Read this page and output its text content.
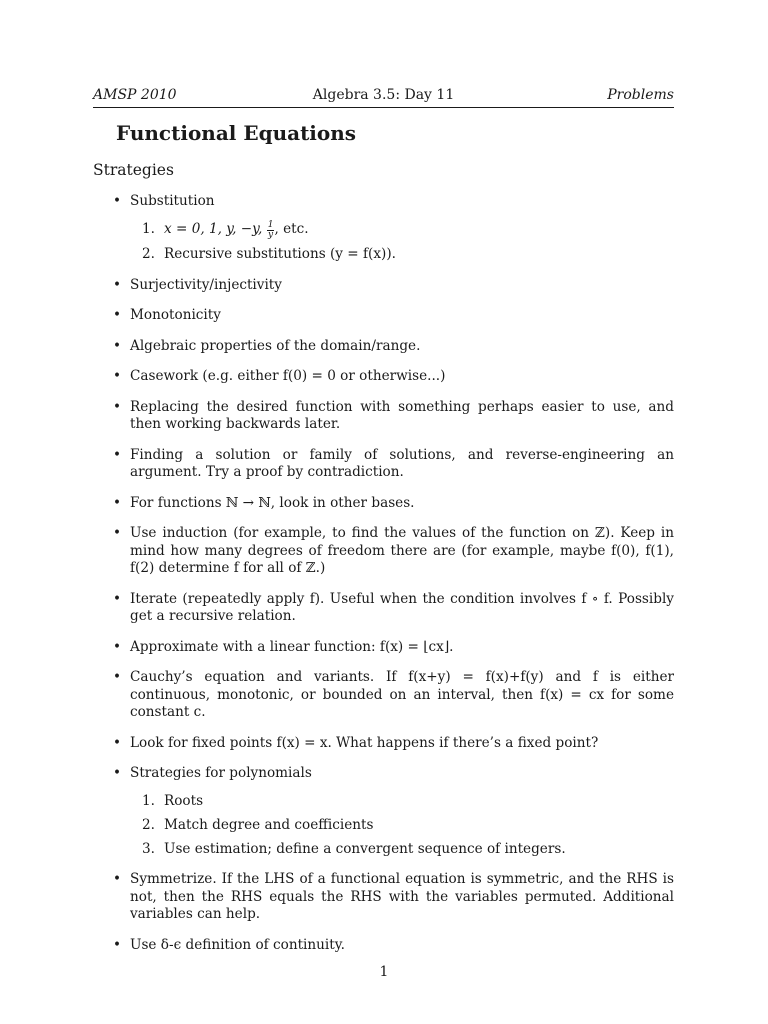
AMSP 2010	Algebra 3.5: Day 11	Problems
Functional Equations
Strategies
• Substitution
1. x = 0, 1, y, −y, $\frac{1}{y}$ , etc.
2. Recursive substitutions (y = f(x)).
• Surjectivity/injectivity
• Monotonicity
• Algebraic properties of the domain/range.
• Casework (e.g. either f(0) = 0 or otherwise...)
• Replacing the desired function with something perhaps easier to use, and then working backwards later.
• Finding a solution or family of solutions, and reverse-engineering an argument. Try a proof by contradiction.
• For functions ℕ → ℕ, look in other bases.
• Use induction (for example, to find the values of the function on ℤ). Keep in mind how many degrees of freedom there are (for example, maybe f(0), f(1), f(2) determine f for all of ℤ.)
• Iterate (repeatedly apply f). Useful when the condition involves f ∘ f. Possibly get a recursive relation.
• Approximate with a linear function: f(x) = ⌊cx⌋.
• Cauchy’s equation and variants. If f(x+y) = f(x)+f(y) and f is either continuous, monotonic, or bounded on an interval, then f(x) = cx for some constant c.
• Look for fixed points f(x) = x. What happens if there’s a fixed point?
• Strategies for polynomials
1. Roots
2. Match degree and coefficients
3. Use estimation; define a convergent sequence of integers.
• Symmetrize. If the LHS of a functional equation is symmetric, and the RHS is not, then the RHS equals the RHS with the variables permuted. Additional variables can help.
• Use δ-ϵ definition of continuity.
1
